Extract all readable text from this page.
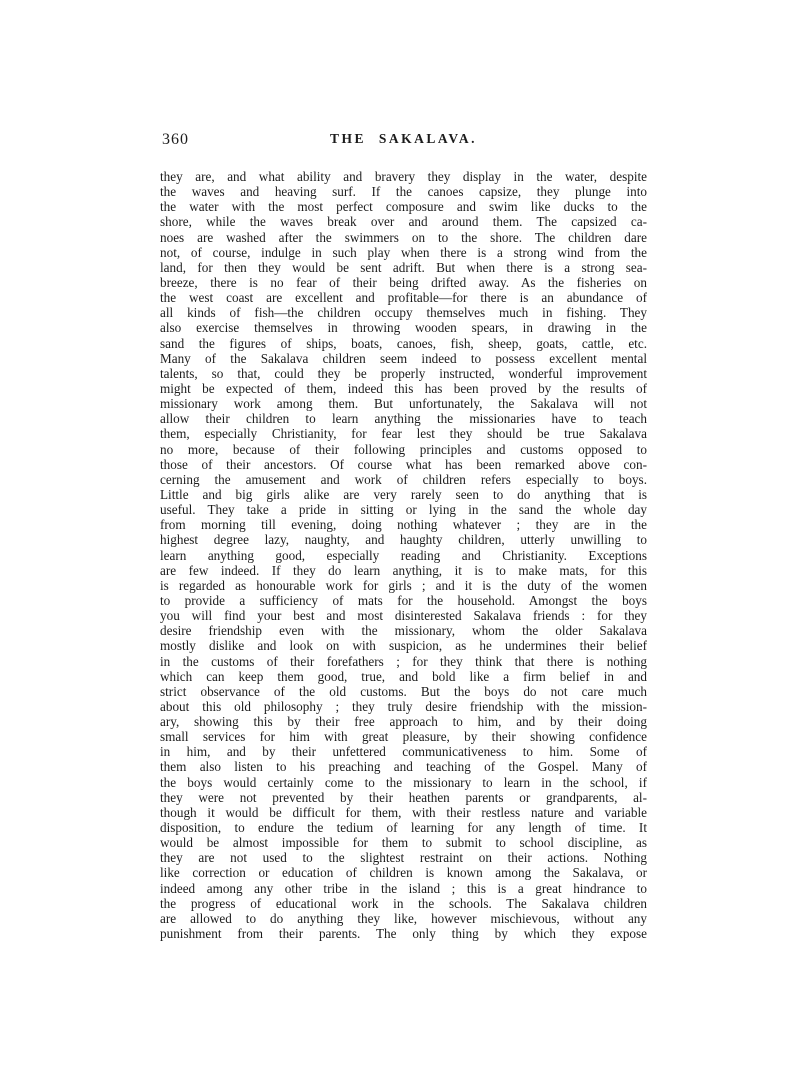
360	THE SAKALAVA.
they are, and what ability and bravery they display in the water, despite
the waves and heaving surf. If the canoes capsize, they plunge into
the water with the most perfect composure and swim like ducks to the
shore, while the waves break over and around them. The capsized ca-
noes are washed after the swimmers on to the shore. The children dare
not, of course, indulge in such play when there is a strong wind from the
land, for then they would be sent adrift. But when there is a strong sea-
breeze, there is no fear of their being drifted away. As the fisheries on
the west coast are excellent and profitable—for there is an abundance of
all kinds of fish—the children occupy themselves much in fishing. They
also exercise themselves in throwing wooden spears, in drawing in the
sand the figures of ships, boats, canoes, fish, sheep, goats, cattle, etc.
Many of the Sakalava children seem indeed to possess excellent mental
talents, so that, could they be properly instructed, wonderful improvement
might be expected of them, indeed this has been proved by the results of
missionary work among them. But unfortunately, the Sakalava will not
allow their children to learn anything the missionaries have to teach
them, especially Christianity, for fear lest they should be true Sakalava
no more, because of their following principles and customs opposed to
those of their ancestors. Of course what has been remarked above con-
cerning the amusement and work of children refers especially to boys.
Little and big girls alike are very rarely seen to do anything that is
useful. They take a pride in sitting or lying in the sand the whole day
from morning till evening, doing nothing whatever ; they are in the
highest degree lazy, naughty, and haughty children, utterly unwilling to
learn anything good, especially reading and Christianity. Exceptions
are few indeed. If they do learn anything, it is to make mats, for this
is regarded as honourable work for girls ; and it is the duty of the women
to provide a sufficiency of mats for the household. Amongst the boys
you will find your best and most disinterested Sakalava friends : for they
desire friendship even with the missionary, whom the older Sakalava
mostly dislike and look on with suspicion, as he undermines their belief
in the customs of their forefathers ; for they think that there is nothing
which can keep them good, true, and bold like a firm belief in and
strict observance of the old customs. But the boys do not care much
about this old philosophy ; they truly desire friendship with the mission-
ary, showing this by their free approach to him, and by their doing
small services for him with great pleasure, by their showing confidence
in him, and by their unfettered communicativeness to him. Some of
them also listen to his preaching and teaching of the Gospel. Many of
the boys would certainly come to the missionary to learn in the school, if
they were not prevented by their heathen parents or grandparents, al-
though it would be difficult for them, with their restless nature and variable
disposition, to endure the tedium of learning for any length of time. It
would be almost impossible for them to submit to school discipline, as
they are not used to the slightest restraint on their actions. Nothing
like correction or education of children is known among the Sakalava, or
indeed among any other tribe in the island ; this is a great hindrance to
the progress of educational work in the schools. The Sakalava children
are allowed to do anything they like, however mischievous, without any
punishment from their parents. The only thing by which they expose
